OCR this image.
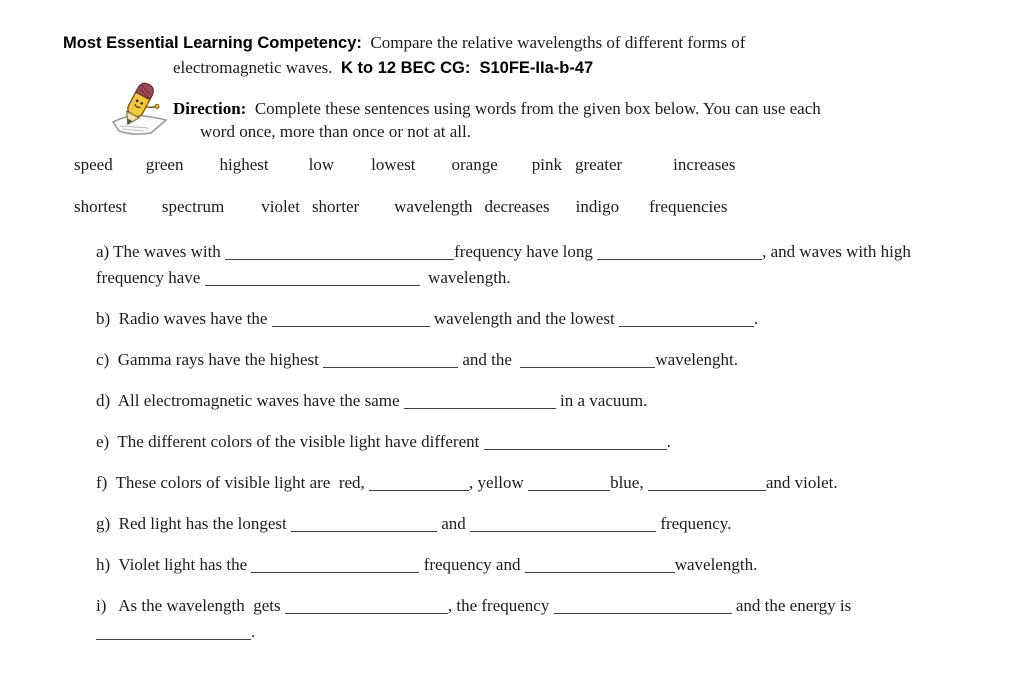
Most Essential Learning Competency:  Compare the relative wavelengths of different forms of
electromagnetic waves.  K to 12 BEC CG:  S10FE-IIa-b-47
Direction:  Complete these sentences using words from the given box below. You can use each
word once, more than once or not at all.
speed green highest low lowest orange pink greater	increases
shortest spectrum violet shorter wavelength decreases indigo frequencies
a) The waves with	frequency have long	, and waves with high
frequency have	wavelength.
b)  Radio waves have the	wavelength and the lowest	.
c)  Gamma rays have the highest	and the	wavelenght.
d)  All electromagnetic waves have the same	in a vacuum.
e)  The different colors of the visible light have different	.
f)  These colors of visible light are  red,	, yellow	blue,	and violet.
g)  Red light has the longest	and	frequency.
h)  Violet light has the	frequency and	wavelength.
i)   As the wavelength  gets	, the frequency	and the energy is
.
